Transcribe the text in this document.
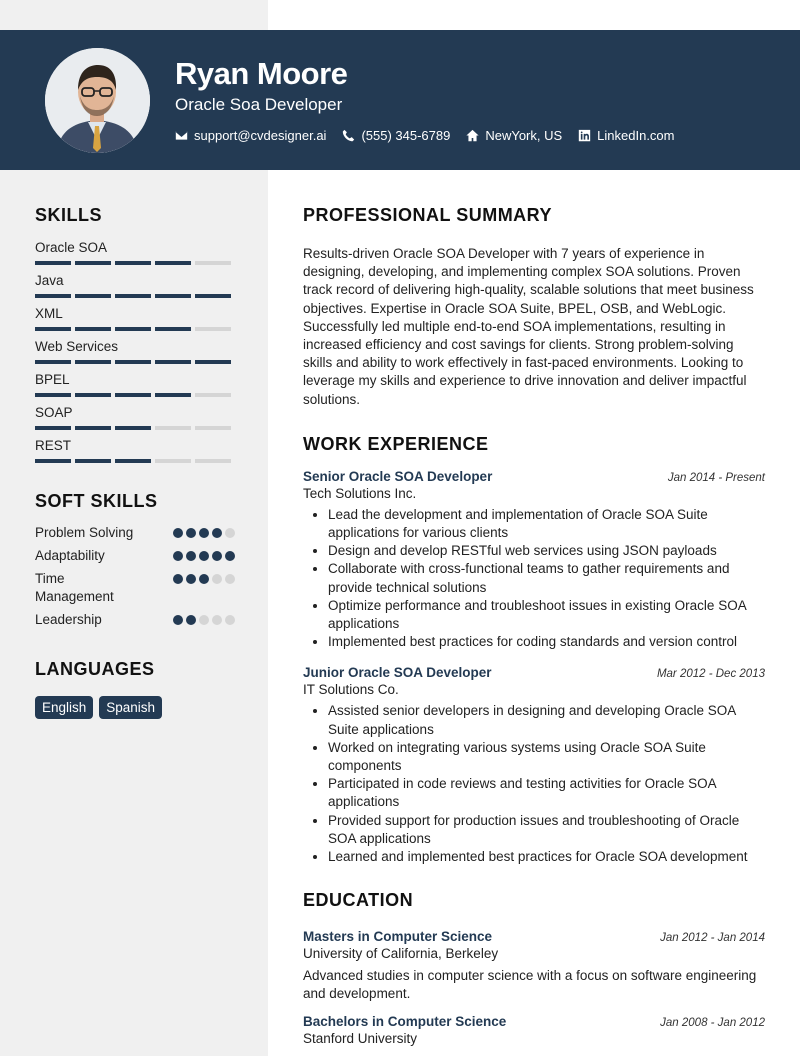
Ryan Moore
Oracle Soa Developer
support@cvdesigner.ai	(555) 345-6789	NewYork, US	LinkedIn.com
SKILLS
Oracle SOA
Java
XML
Web Services
BPEL
SOAP
REST
SOFT SKILLS
Problem Solving
Adaptability
Time Management
Leadership
LANGUAGES
English	Spanish
PROFESSIONAL SUMMARY
Results-driven Oracle SOA Developer with 7 years of experience in designing, developing, and implementing complex SOA solutions. Proven track record of delivering high-quality, scalable solutions that meet business objectives. Expertise in Oracle SOA Suite, BPEL, OSB, and WebLogic. Successfully led multiple end-to-end SOA implementations, resulting in increased efficiency and cost savings for clients. Strong problem-solving skills and ability to work effectively in fast-paced environments. Looking to leverage my skills and experience to drive innovation and deliver impactful solutions.
WORK EXPERIENCE
Senior Oracle SOA Developer	Jan 2014 - Present
Tech Solutions Inc.
• Lead the development and implementation of Oracle SOA Suite applications for various clients
• Design and develop RESTful web services using JSON payloads
• Collaborate with cross-functional teams to gather requirements and provide technical solutions
• Optimize performance and troubleshoot issues in existing Oracle SOA applications
• Implemented best practices for coding standards and version control
Junior Oracle SOA Developer	Mar 2012 - Dec 2013
IT Solutions Co.
• Assisted senior developers in designing and developing Oracle SOA Suite applications
• Worked on integrating various systems using Oracle SOA Suite components
• Participated in code reviews and testing activities for Oracle SOA applications
• Provided support for production issues and troubleshooting of Oracle SOA applications
• Learned and implemented best practices for Oracle SOA development
EDUCATION
Masters in Computer Science	Jan 2012 - Jan 2014
University of California, Berkeley
Advanced studies in computer science with a focus on software engineering and development.
Bachelors in Computer Science	Jan 2008 - Jan 2012
Stanford University
